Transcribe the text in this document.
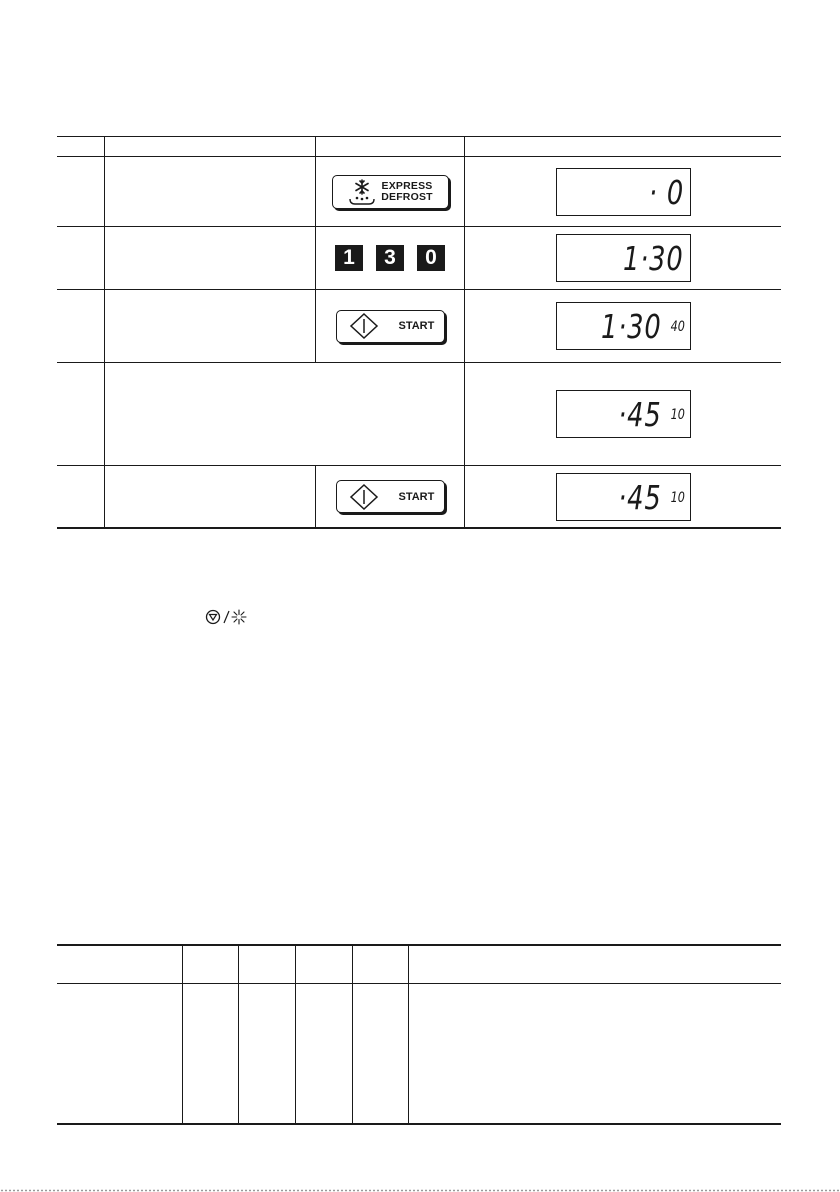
EXPRESS
DEFROST	· 0
1	3	0	1·30
START	1·30 40
·45 10
START	·45 10
